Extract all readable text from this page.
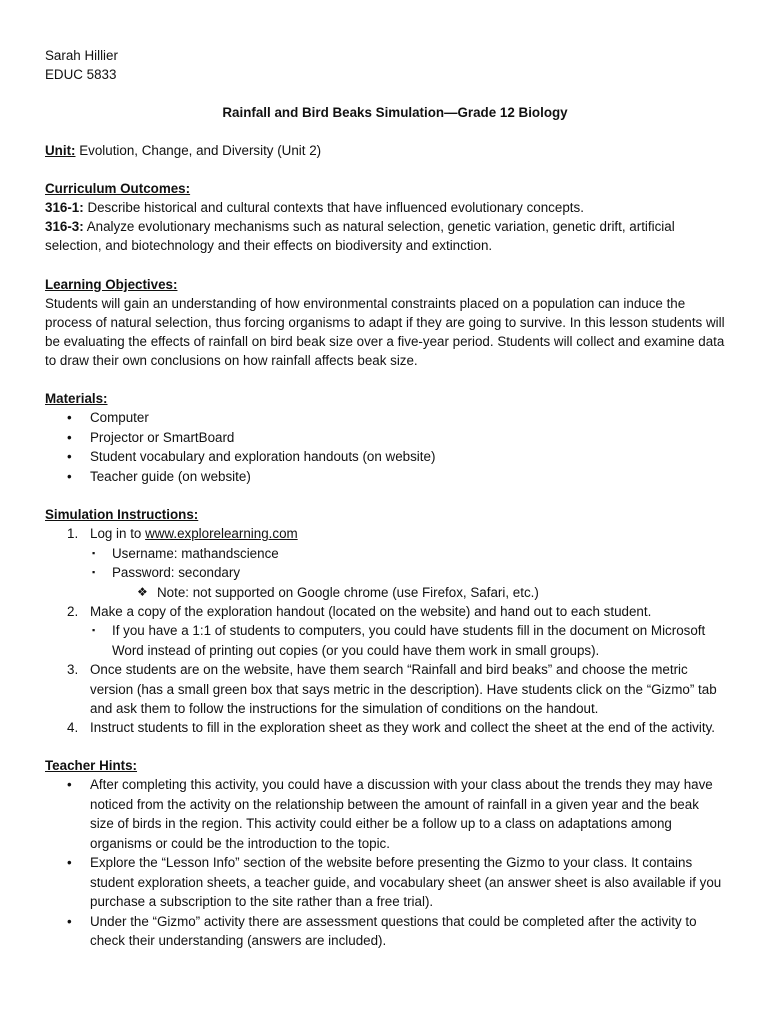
Sarah Hillier
EDUC 5833
Rainfall and Bird Beaks Simulation—Grade 12 Biology
Unit: Evolution, Change, and Diversity (Unit 2)
Curriculum Outcomes:
316-1: Describe historical and cultural contexts that have influenced evolutionary concepts.
316-3: Analyze evolutionary mechanisms such as natural selection, genetic variation, genetic drift, artificial selection, and biotechnology and their effects on biodiversity and extinction.
Learning Objectives:
Students will gain an understanding of how environmental constraints placed on a population can induce the process of natural selection, thus forcing organisms to adapt if they are going to survive. In this lesson students will be evaluating the effects of rainfall on bird beak size over a five-year period. Students will collect and examine data to draw their own conclusions on how rainfall affects beak size.
Materials:
• Computer
• Projector or SmartBoard
• Student vocabulary and exploration handouts (on website)
• Teacher guide (on website)
Simulation Instructions:
1. Log in to www.explorelearning.com
▪ Username: mathandscience
▪ Password: secondary
❖ Note: not supported on Google chrome (use Firefox, Safari, etc.)
2. Make a copy of the exploration handout (located on the website) and hand out to each student.
▪ If you have a 1:1 of students to computers, you could have students fill in the document on Microsoft Word instead of printing out copies (or you could have them work in small groups).
3. Once students are on the website, have them search “Rainfall and bird beaks” and choose the metric version (has a small green box that says metric in the description). Have students click on the “Gizmo” tab and ask them to follow the instructions for the simulation of conditions on the handout.
4. Instruct students to fill in the exploration sheet as they work and collect the sheet at the end of the activity.
Teacher Hints:
• After completing this activity, you could have a discussion with your class about the trends they may have noticed from the activity on the relationship between the amount of rainfall in a given year and the beak size of birds in the region. This activity could either be a follow up to a class on adaptations among organisms or could be the introduction to the topic.
• Explore the “Lesson Info” section of the website before presenting the Gizmo to your class. It contains student exploration sheets, a teacher guide, and vocabulary sheet (an answer sheet is also available if you purchase a subscription to the site rather than a free trial).
• Under the “Gizmo” activity there are assessment questions that could be completed after the activity to check their understanding (answers are included).
